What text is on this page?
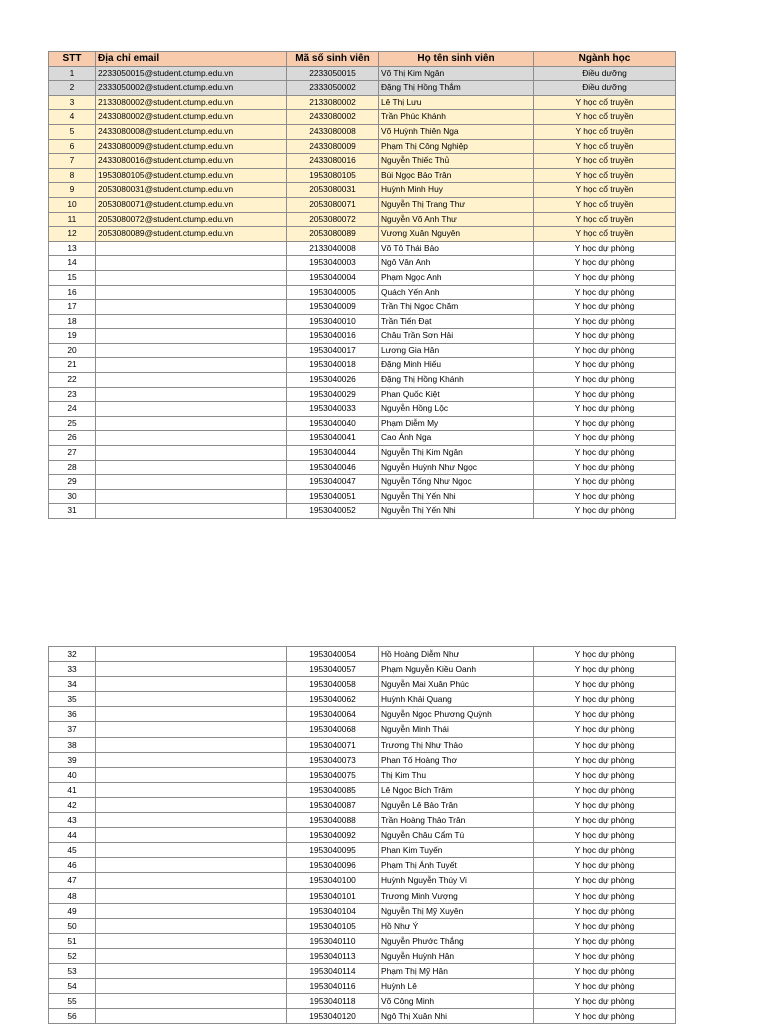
STT	Địa chỉ email	Mã số sinh viên	Họ tên sinh viên	Ngành học
1	2233050015@student.ctump.edu.vn	2233050015	Võ Thị Kim Ngân	Điều dưỡng
2	2333050002@student.ctump.edu.vn	2333050002	Đặng Thị Hồng Thắm	Điều dưỡng
3	2133080002@student.ctump.edu.vn	2133080002	Lê Thị Lưu	Y học cổ truyền
4	2433080002@student.ctump.edu.vn	2433080002	Trần Phúc Khánh	Y học cổ truyền
5	2433080008@student.ctump.edu.vn	2433080008	Võ Huỳnh Thiên Nga	Y học cổ truyền
6	2433080009@student.ctump.edu.vn	2433080009	Phạm Thị Công Nghiệp	Y học cổ truyền
7	2433080016@student.ctump.edu.vn	2433080016	Nguyễn Thiếc Thủ	Y học cổ truyền
8	1953080105@student.ctump.edu.vn	1953080105	Bùi Ngọc Bảo Trân	Y học cổ truyền
9	2053080031@student.ctump.edu.vn	2053080031	Huỳnh Minh Huy	Y học cổ truyền
10	2053080071@student.ctump.edu.vn	2053080071	Nguyễn Thị Trang Thư	Y học cổ truyền
11	2053080072@student.ctump.edu.vn	2053080072	Nguyễn Võ Anh Thư	Y học cổ truyền
12	2053080089@student.ctump.edu.vn	2053080089	Vương Xuân Nguyên	Y học cổ truyền
13		2133040008	Võ Tô Thái Bảo	Y học dự phòng
14		1953040003	Ngô Vân Anh	Y học dự phòng
15		1953040004	Phạm Ngọc Anh	Y học dự phòng
16		1953040005	Quách Yến Anh	Y học dự phòng
17		1953040009	Trần Thị Ngọc Chăm	Y học dự phòng
18		1953040010	Trần Tiến Đạt	Y học dự phòng
19		1953040016	Châu Trần Sơn Hải	Y học dự phòng
20		1953040017	Lương Gia Hân	Y học dự phòng
21		1953040018	Đặng Minh Hiếu	Y học dự phòng
22		1953040026	Đặng Thị Hồng Khánh	Y học dự phòng
23		1953040029	Phan Quốc Kiệt	Y học dự phòng
24		1953040033	Nguyễn Hồng Lộc	Y học dự phòng
25		1953040040	Phạm Diễm My	Y học dự phòng
26		1953040041	Cao Ánh Nga	Y học dự phòng
27		1953040044	Nguyễn Thị Kim Ngân	Y học dự phòng
28		1953040046	Nguyễn Huỳnh Như Ngọc	Y học dự phòng
29		1953040047	Nguyễn Tống Như Ngọc	Y học dự phòng
30		1953040051	Nguyễn Thị Yến Nhi	Y học dự phòng
31		1953040052	Nguyễn Thị Yến Nhi	Y học dự phòng
32		1953040054	Hồ Hoàng Diễm Như	Y học dự phòng
33		1953040057	Phạm Nguyễn Kiều Oanh	Y học dự phòng
34		1953040058	Nguyễn Mai Xuân Phúc	Y học dự phòng
35		1953040062	Huỳnh Khải Quang	Y học dự phòng
36		1953040064	Nguyễn Ngọc Phương Quỳnh	Y học dự phòng
37		1953040068	Nguyễn Minh Thái	Y học dự phòng
38		1953040071	Trương Thị Như Thảo	Y học dự phòng
39		1953040073	Phan Tố Hoàng Thơ	Y học dự phòng
40		1953040075	Thị Kim Thu	Y học dự phòng
41		1953040085	Lê Ngọc Bích Trâm	Y học dự phòng
42		1953040087	Nguyễn Lê Bảo Trân	Y học dự phòng
43		1953040088	Trần Hoàng Thảo Trân	Y học dự phòng
44		1953040092	Nguyễn Châu Cẩm Tú	Y học dự phòng
45		1953040095	Phan Kim Tuyến	Y học dự phòng
46		1953040096	Phạm Thị Ánh Tuyết	Y học dự phòng
47		1953040100	Huỳnh Nguyễn Thúy Vi	Y học dự phòng
48		1953040101	Trương Minh Vượng	Y học dự phòng
49		1953040104	Nguyễn Thị Mỹ Xuyên	Y học dự phòng
50		1953040105	Hồ Như Ý	Y học dự phòng
51		1953040110	Nguyễn Phước Thắng	Y học dự phòng
52		1953040113	Nguyễn Huỳnh Hân	Y học dự phòng
53		1953040114	Phạm Thị Mỹ Hân	Y học dự phòng
54		1953040116	Huỳnh Lê	Y học dự phòng
55		1953040118	Võ Công Minh	Y học dự phòng
56		1953040120	Ngô Thị Xuân Nhi	Y học dự phòng
